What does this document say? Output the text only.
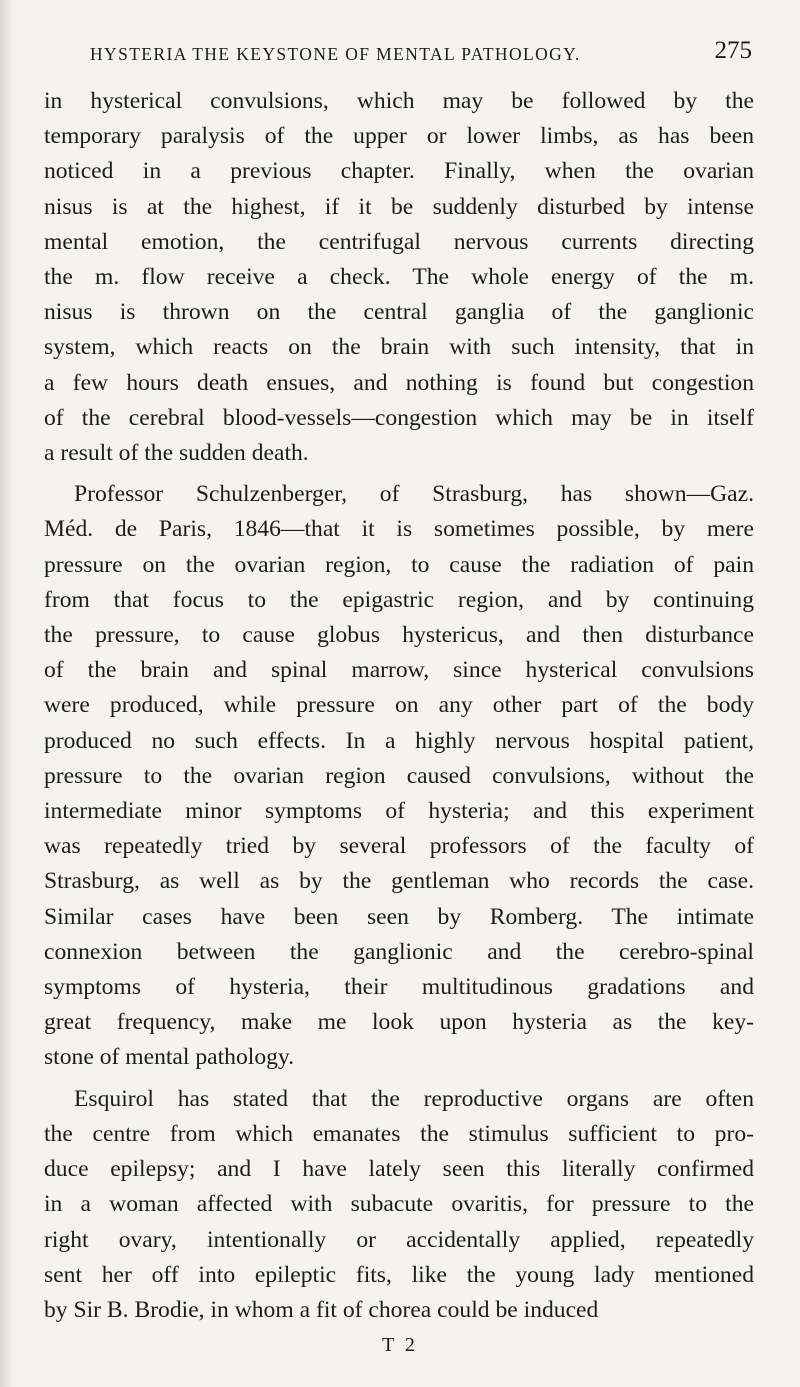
HYSTERIA THE KEYSTONE OF MENTAL PATHOLOGY.	275
in hysterical convulsions, which may be followed by the
temporary paralysis of the upper or lower limbs, as has been
noticed in a previous chapter. Finally, when the ovarian
nisus is at the highest, if it be suddenly disturbed by intense
mental emotion, the centrifugal nervous currents directing
the m. flow receive a check. The whole energy of the m.
nisus is thrown on the central ganglia of the ganglionic
system, which reacts on the brain with such intensity, that in
a few hours death ensues, and nothing is found but congestion
of the cerebral blood-vessels—congestion which may be in itself
a result of the sudden death.
Professor Schulzenberger, of Strasburg, has shown—Gaz.
Méd. de Paris, 1846—that it is sometimes possible, by mere
pressure on the ovarian region, to cause the radiation of pain
from that focus to the epigastric region, and by continuing
the pressure, to cause globus hystericus, and then disturbance
of the brain and spinal marrow, since hysterical convulsions
were produced, while pressure on any other part of the body
produced no such effects. In a highly nervous hospital patient,
pressure to the ovarian region caused convulsions, without the
intermediate minor symptoms of hysteria; and this experiment
was repeatedly tried by several professors of the faculty of
Strasburg, as well as by the gentleman who records the case.
Similar cases have been seen by Romberg. The intimate
connexion between the ganglionic and the cerebro-spinal
symptoms of hysteria, their multitudinous gradations and
great frequency, make me look upon hysteria as the key-
stone of mental pathology.
Esquirol has stated that the reproductive organs are often
the centre from which emanates the stimulus sufficient to pro-
duce epilepsy; and I have lately seen this literally confirmed
in a woman affected with subacute ovaritis, for pressure to the
right ovary, intentionally or accidentally applied, repeatedly
sent her off into epileptic fits, like the young lady mentioned
by Sir B. Brodie, in whom a fit of chorea could be induced
T 2
